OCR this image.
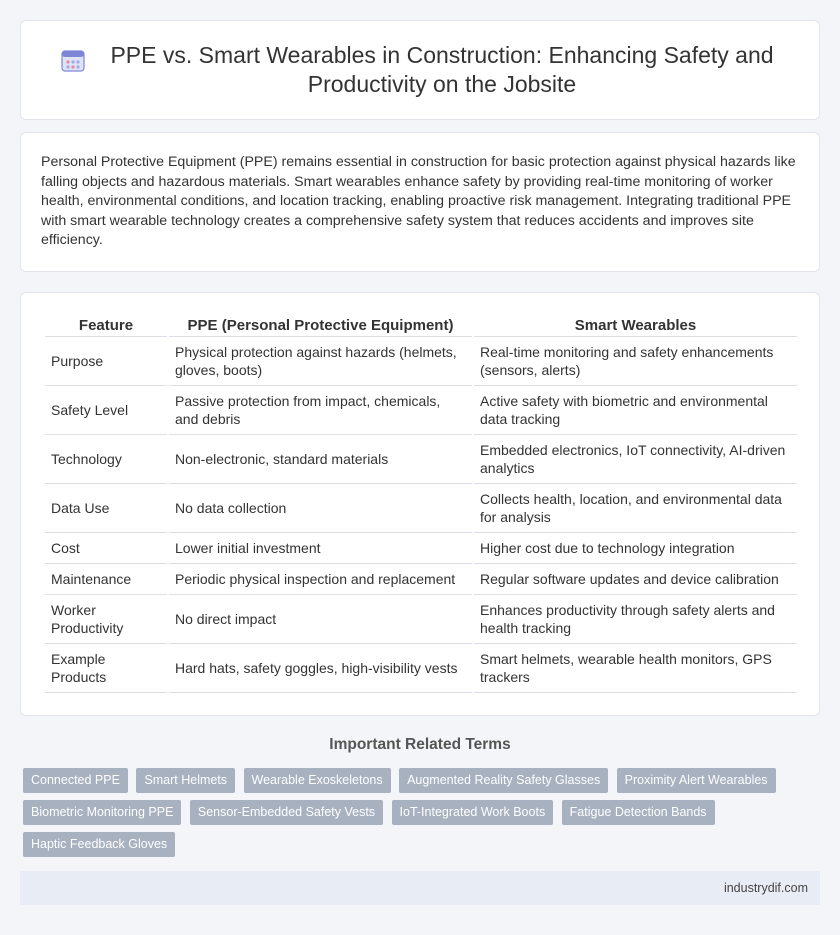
PPE vs. Smart Wearables in Construction: Enhancing Safety and Productivity on the Jobsite

Personal Protective Equipment (PPE) remains essential in construction for basic protection against physical hazards like falling objects and hazardous materials. Smart wearables enhance safety by providing real-time monitoring of worker health, environmental conditions, and location tracking, enabling proactive risk management. Integrating traditional PPE with smart wearable technology creates a comprehensive safety system that reduces accidents and improves site efficiency.

Feature	PPE (Personal Protective Equipment)	Smart Wearables
Purpose	Physical protection against hazards (helmets, gloves, boots)	Real-time monitoring and safety enhancements (sensors, alerts)
Safety Level	Passive protection from impact, chemicals, and debris	Active safety with biometric and environmental data tracking
Technology	Non-electronic, standard materials	Embedded electronics, IoT connectivity, AI-driven analytics
Data Use	No data collection	Collects health, location, and environmental data for analysis
Cost	Lower initial investment	Higher cost due to technology integration
Maintenance	Periodic physical inspection and replacement	Regular software updates and device calibration
Worker Productivity	No direct impact	Enhances productivity through safety alerts and health tracking
Example Products	Hard hats, safety goggles, high-visibility vests	Smart helmets, wearable health monitors, GPS trackers
Important Related Terms
Connected PPE Smart Helmets Wearable Exoskeletons Augmented Reality Safety Glasses Proximity Alert Wearables Biometric Monitoring PPE Sensor-Embedded Safety Vests IoT-Integrated Work Boots Fatigue Detection Bands Haptic Feedback Gloves
industrydif.com
